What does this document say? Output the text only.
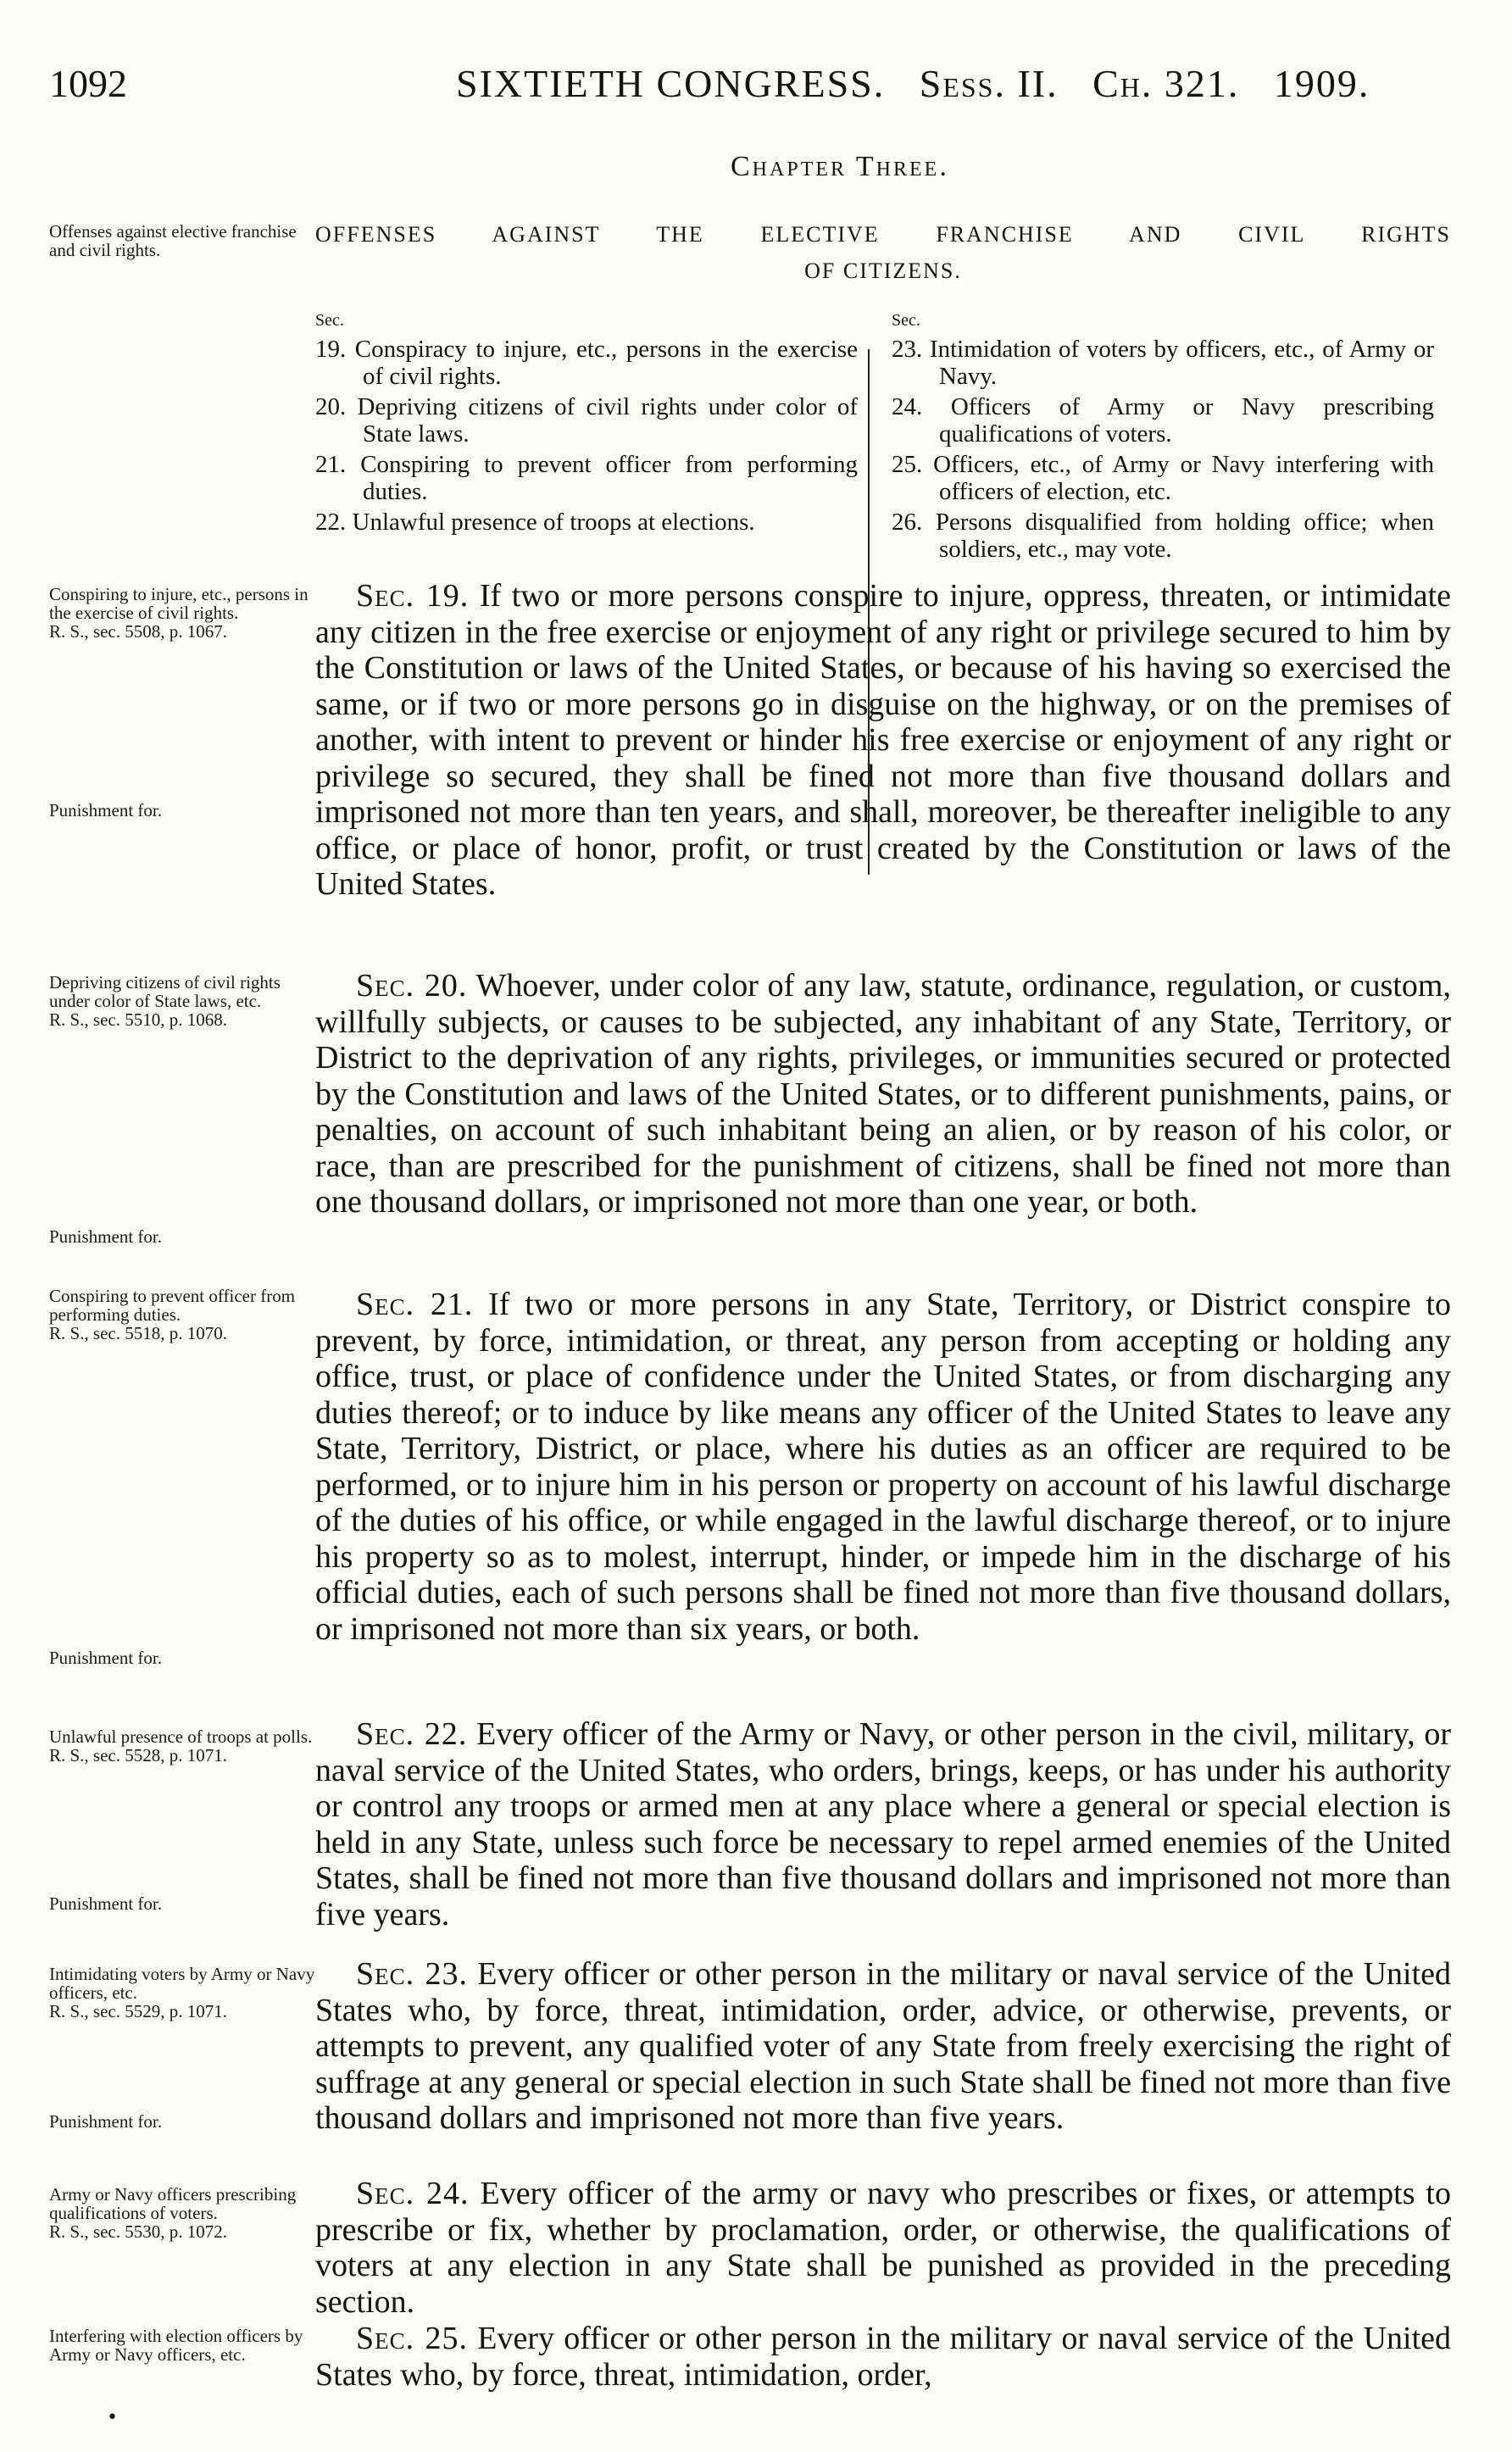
1092	SIXTIETH CONGRESS. Sess. II. Ch. 321. 1909.
Chapter Three.
Offenses against elective franchise and civil rights.
OFFENSES AGAINST THE ELECTIVE FRANCHISE AND CIVIL RIGHTS
OF CITIZENS.
Sec.
19. Conspiracy to injure, etc., persons in the exercise of civil rights.
20. Depriving citizens of civil rights under color of State laws.
21. Conspiring to prevent officer from performing duties.
22. Unlawful presence of troops at elections.
Sec.
23. Intimidation of voters by officers, etc., of Army or Navy.
24. Officers of Army or Navy prescribing qualifications of voters.
25. Officers, etc., of Army or Navy interfering with officers of election, etc.
26. Persons disqualified from holding office; when soldiers, etc., may vote.
Conspiring to injure, etc., persons in the exercise of civil rights.
R. S., sec. 5508, p. 1067.
Punishment for.
Depriving citizens of civil rights under color of State laws, etc.
R. S., sec. 5510, p. 1068.
Punishment for.
Conspiring to prevent officer from performing duties.
R. S., sec. 5518, p. 1070.
Punishment for.
Unlawful presence of troops at polls.
R. S., sec. 5528, p. 1071.
Punishment for.
Intimidating voters by Army or Navy officers, etc.
R. S., sec. 5529, p. 1071.
Punishment for.
Army or Navy officers prescribing qualifications of voters.
R. S., sec. 5530, p. 1072.
Interfering with election officers by Army or Navy officers, etc.

Sec. 19. If two or more persons conspire to injure, oppress, threaten, or intimidate any citizen in the free exercise or enjoyment of any right or privilege secured to him by the Constitution or laws of the United States, or because of his having so exercised the same, or if two or more persons go in disguise on the highway, or on the premises of another, with intent to prevent or hinder his free exercise or enjoyment of any right or privilege so secured, they shall be fined not more than five thousand dollars and imprisoned not more than ten years, and shall, moreover, be thereafter ineligible to any office, or place of honor, profit, or trust created by the Constitution or laws of the United States.

Sec. 20. Whoever, under color of any law, statute, ordinance, regulation, or custom, willfully subjects, or causes to be subjected, any inhabitant of any State, Territory, or District to the deprivation of any rights, privileges, or immunities secured or protected by the Constitution and laws of the United States, or to different punishments, pains, or penalties, on account of such inhabitant being an alien, or by reason of his color, or race, than are prescribed for the punishment of citizens, shall be fined not more than one thousand dollars, or imprisoned not more than one year, or both.

Sec. 21. If two or more persons in any State, Territory, or District conspire to prevent, by force, intimidation, or threat, any person from accepting or holding any office, trust, or place of confidence under the United States, or from discharging any duties thereof; or to induce by like means any officer of the United States to leave any State, Territory, District, or place, where his duties as an officer are required to be performed, or to injure him in his person or property on account of his lawful discharge of the duties of his office, or while engaged in the lawful discharge thereof, or to injure his property so as to molest, interrupt, hinder, or impede him in the discharge of his official duties, each of such persons shall be fined not more than five thousand dollars, or imprisoned not more than six years, or both.

Sec. 22. Every officer of the Army or Navy, or other person in the civil, military, or naval service of the United States, who orders, brings, keeps, or has under his authority or control any troops or armed men at any place where a general or special election is held in any State, unless such force be necessary to repel armed enemies of the United States, shall be fined not more than five thousand dollars and imprisoned not more than five years.

Sec. 23. Every officer or other person in the military or naval service of the United States who, by force, threat, intimidation, order, advice, or otherwise, prevents, or attempts to prevent, any qualified voter of any State from freely exercising the right of suffrage at any general or special election in such State shall be fined not more than five thousand dollars and imprisoned not more than five years.

Sec. 24. Every officer of the army or navy who prescribes or fixes, or attempts to prescribe or fix, whether by proclamation, order, or otherwise, the qualifications of voters at any election in any State shall be punished as provided in the preceding section.

Sec. 25. Every officer or other person in the military or naval service of the United States who, by force, threat, intimidation, order,

•
